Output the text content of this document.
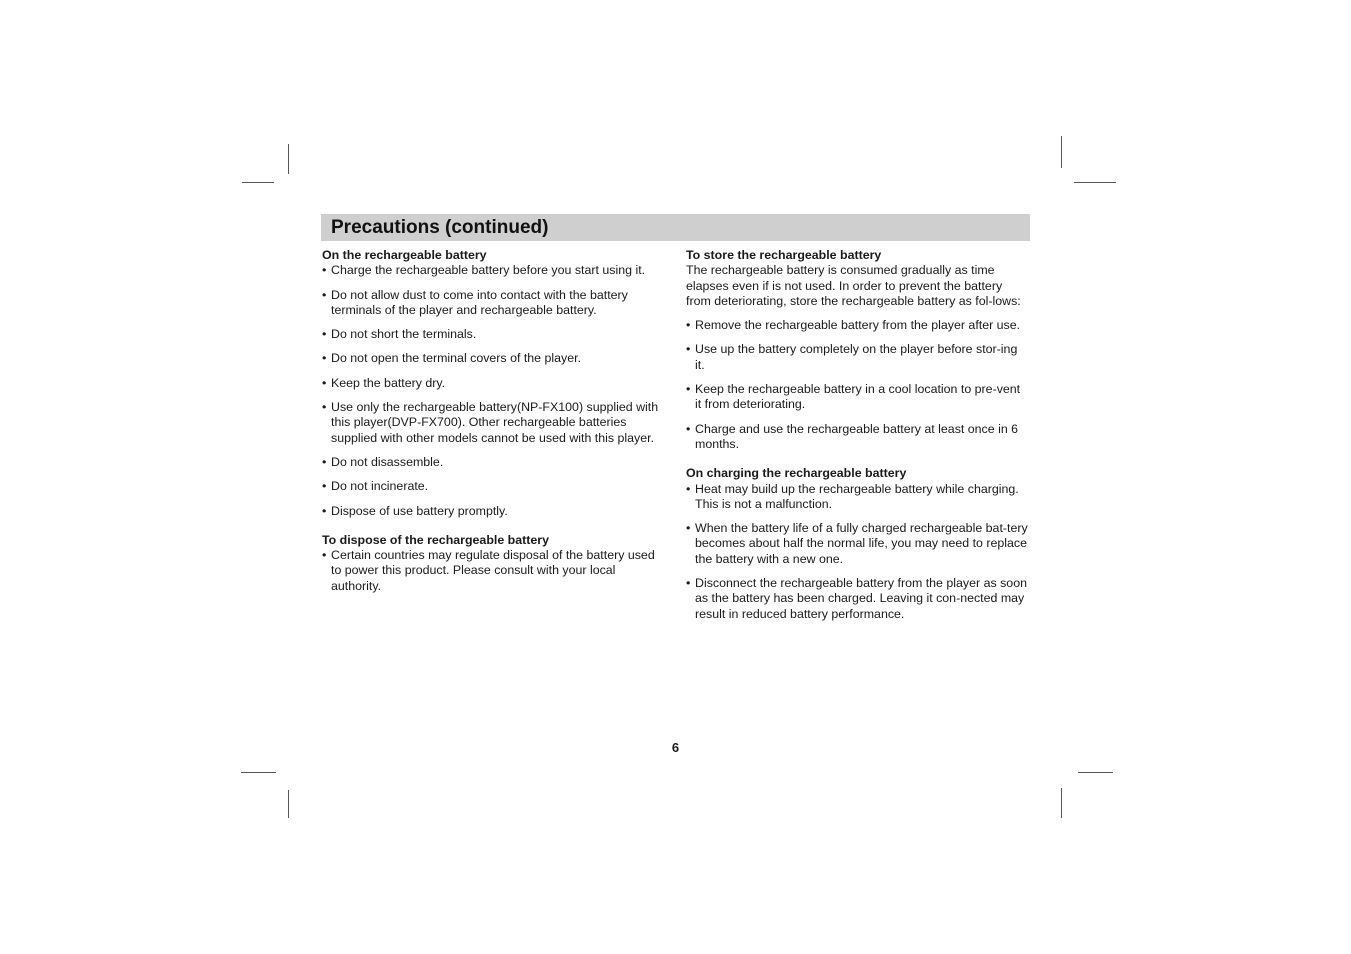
Precautions (continued)

On the rechargeable battery

• Charge the rechargeable battery before you start using it.
• Do not allow dust to come into contact with the battery terminals of the player and rechargeable battery.
• Do not short the terminals.
• Do not open the terminal covers of the player.
• Keep the battery dry.
• Use only the rechargeable battery(NP-FX100) supplied with this player(DVP-FX700). Other rechargeable batteries supplied with other models cannot be used with this player.
• Do not disassemble.
• Do not incinerate.
• Dispose of use battery promptly.

To dispose of the rechargeable battery

• Certain countries may regulate disposal of the battery used to power this product. Please consult with your local authority.

To store the rechargeable battery

The rechargeable battery is consumed gradually as time elapses even if is not used. In order to prevent the battery from deteriorating, store the rechargeable battery as fol-lows:

• Remove the rechargeable battery from the player after use.
• Use up the battery completely on the player before stor-ing it.
• Keep the rechargeable battery in a cool location to pre-vent it from deteriorating.
• Charge and use the rechargeable battery at least once in 6 months.

On charging the rechargeable battery

• Heat may build up the rechargeable battery while charging. This is not a malfunction.
• When the battery life of a fully charged rechargeable bat-tery becomes about half the normal life, you may need to replace the battery with a new one.
• Disconnect the rechargeable battery from the player as soon as the battery has been charged. Leaving it con-nected may result in reduced battery performance.
6
